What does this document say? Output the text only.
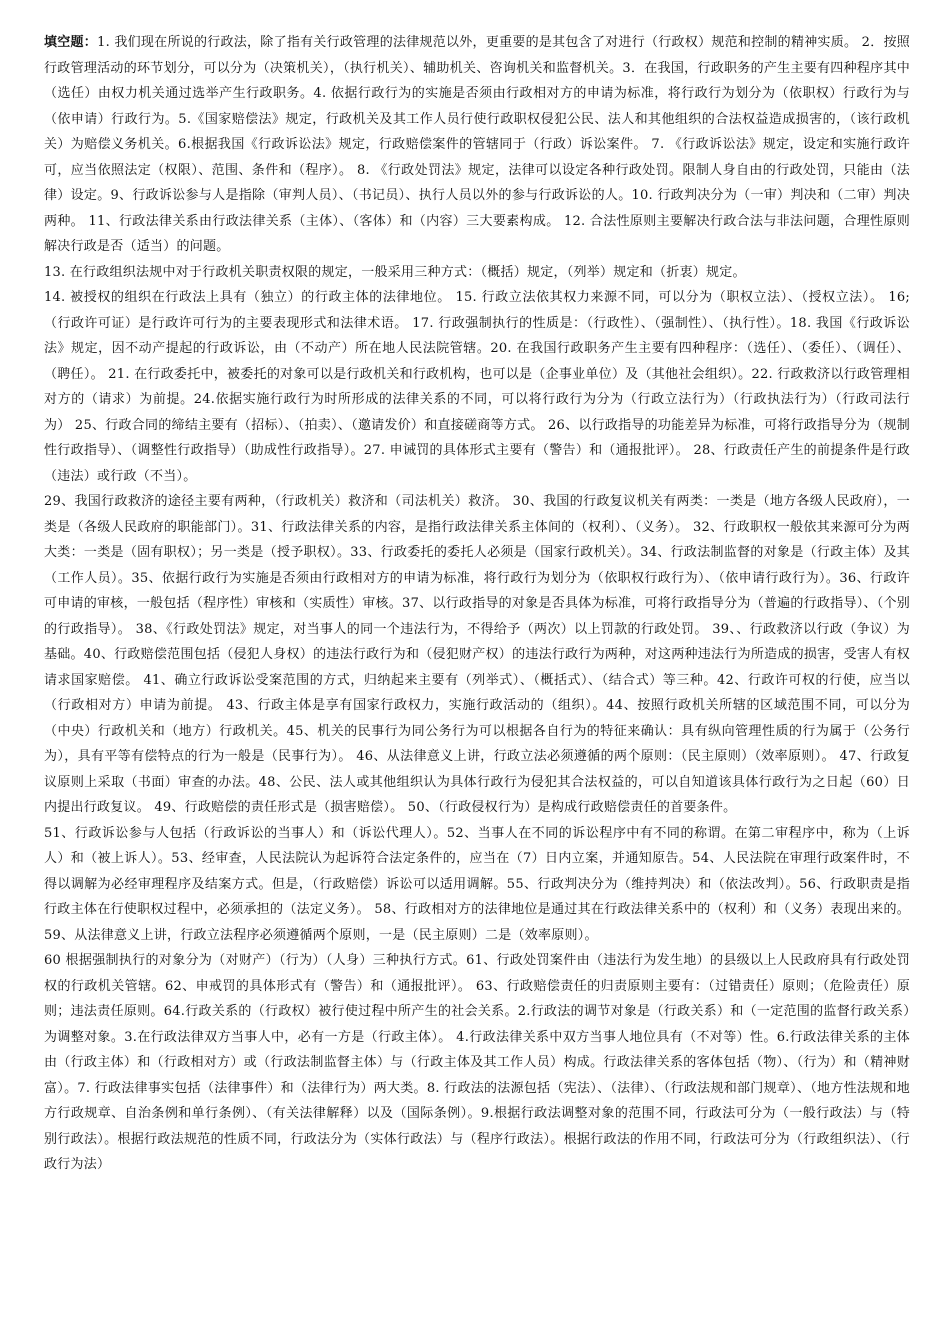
填空题：1. 我们现在所说的行政法，除了指有关行政管理的法律规范以外，更重要的是其包含了对进行（行政权）规范和控制的精神实质。 2．按照行政管理活动的环节划分，可以分为（决策机关），（执行机关）、辅助机关、咨询机关和监督机关。3．在我国，行政职务的产生主要有四种程序其中（选任）由权力机关通过选举产生行政职务。4. 依据行政行为的实施是否须由行政相对方的申请为标准，将行政行为划分为（依职权）行政行为与（依申请）行政行为。5.《国家赔偿法》规定，行政机关及其工作人员行使行政职权侵犯公民、法人和其他组织的合法权益造成损害的，（该行政机关）为赔偿义务机关。6.根据我国《行政诉讼法》规定，行政赔偿案件的管辖同于（行政）诉讼案件。 7. 《行政诉讼法》规定，设定和实施行政许可，应当依照法定（权限）、范围、条件和（程序）。 8. 《行政处罚法》规定，法律可以设定各种行政处罚。限制人身自由的行政处罚，只能由（法律）设定。9、行政诉讼参与人是指除（审判人员）、（书记员）、执行人员以外的参与行政诉讼的人。10. 行政判决分为（一审）判决和（二审）判决两种。 11、行政法律关系由行政法律关系（主体）、（客体）和（内容）三大要素构成。 12. 合法性原则主要解决行政合法与非法问题，合理性原则解决行政是否（适当）的问题。

13. 在行政组织法规中对于行政机关职责权限的规定，一般采用三种方式：（概括）规定，（列举）规定和（折衷）规定。

14. 被授权的组织在行政法上具有（独立）的行政主体的法律地位。 15. 行政立法依其权力来源不同，可以分为（职权立法）、（授权立法）。 16;（行政许可证）是行政许可行为的主要表现形式和法律术语。 17. 行政强制执行的性质是：（行政性）、（强制性）、（执行性）。18. 我国《行政诉讼法》规定，因不动产提起的行政诉讼，由（不动产）所在地人民法院管辖。20. 在我国行政职务产生主要有四种程序：（选任）、（委任）、（调任）、（聘任）。 21. 在行政委托中，被委托的对象可以是行政机关和行政机构，也可以是（企事业单位）及（其他社会组织）。22. 行政救济以行政管理相对方的（请求）为前提。24.依据实施行政行为时所形成的法律关系的不同，可以将行政行为分为（行政立法行为）（行政执法行为）（行政司法行为） 25、行政合同的缔结主要有（招标）、（拍卖）、（邀请发价）和直接磋商等方式。 26、以行政指导的功能差异为标准，可将行政指导分为（规制性行政指导）、（调整性行政指导）（助成性行政指导）。27. 申诫罚的具体形式主要有（警告）和（通报批评）。 28、行政责任产生的前提条件是行政（违法）或行政（不当）。

29、我国行政救济的途径主要有两种，（行政机关）救济和（司法机关）救济。 30、我国的行政复议机关有两类：一类是（地方各级人民政府），一类是（各级人民政府的职能部门）。31、行政法律关系的内容，是指行政法律关系主体间的（权利）、（义务）。 32、行政职权一般依其来源可分为两大类：一类是（固有职权）；另一类是（授予职权）。33、行政委托的委托人必须是（国家行政机关）。34、行政法制监督的对象是（行政主体）及其（工作人员）。35、依据行政行为实施是否须由行政相对方的申请为标准，将行政行为划分为（依职权行政行为）、（依申请行政行为）。36、行政许可申请的审核，一般包括（程序性）审核和（实质性）审核。37、以行政指导的对象是否具体为标准，可将行政指导分为（普遍的行政指导）、（个别的行政指导）。 38、《行政处罚法》规定，对当事人的同一个违法行为，不得给予（两次）以上罚款的行政处罚。 39、、行政救济以行政（争议）为基础。40、行政赔偿范围包括（侵犯人身权）的违法行政行为和（侵犯财产权）的违法行政行为两种，对这两种违法行为所造成的损害，受害人有权请求国家赔偿。 41、确立行政诉讼受案范围的方式，归纳起来主要有（列举式）、（概括式）、（结合式）等三种。42、行政许可权的行使，应当以（行政相对方）申请为前提。 43、行政主体是享有国家行政权力，实施行政活动的（组织）。44、按照行政机关所辖的区域范围不同，可以分为（中央）行政机关和（地方）行政机关。45、机关的民事行为同公务行为可以根据各自行为的特征来确认：具有纵向管理性质的行为属于（公务行为），具有平等有偿特点的行为一般是（民事行为）。 46、从法律意义上讲，行政立法必须遵循的两个原则：（民主原则）（效率原则）。 47、行政复议原则上采取（书面）审查的办法。48、公民、法人或其他组织认为具体行政行为侵犯其合法权益的，可以自知道该具体行政行为之日起（60）日内提出行政复议。 49、行政赔偿的责任形式是（损害赔偿）。 50、（行政侵权行为）是构成行政赔偿责任的首要条件。

51、行政诉讼参与人包括（行政诉讼的当事人）和（诉讼代理人）。52、当事人在不同的诉讼程序中有不同的称谓。在第二审程序中，称为（上诉人）和（被上诉人）。53、经审查，人民法院认为起诉符合法定条件的，应当在（7）日内立案，并通知原告。54、人民法院在审理行政案件时，不得以调解为必经审理程序及结案方式。但是，（行政赔偿）诉讼可以适用调解。55、行政判决分为（维持判决）和（依法改判）。56、行政职责是指行政主体在行使职权过程中，必须承担的（法定义务）。 58、行政相对方的法律地位是通过其在行政法律关系中的（权利）和（义务）表现出来的。59、从法律意义上讲，行政立法程序必须遵循两个原则，一是（民主原则）二是（效率原则）。

60 根据强制执行的对象分为（对财产）（行为）（人身）三种执行方式。61、行政处罚案件由（违法行为发生地）的县级以上人民政府具有行政处罚权的行政机关管辖。62、申戒罚的具体形式有（警告）和（通报批评）。 63、行政赔偿责任的归责原则主要有：（过错责任）原则；（危险责任）原则；违法责任原则。64.行政关系的（行政权）被行使过程中所产生的社会关系。2.行政法的调节对象是（行政关系）和（一定范围的监督行政关系）为调整对象。3.在行政法律双方当事人中，必有一方是（行政主体）。 4.行政法律关系中双方当事人地位具有（不对等）性。6.行政法律关系的主体由（行政主体）和（行政相对方）或（行政法制监督主体）与（行政主体及其工作人员）构成。行政法律关系的客体包括（物）、（行为）和（精神财富）。7. 行政法律事实包括（法律事件）和（法律行为）两大类。8. 行政法的法源包括（宪法）、（法律）、（行政法规和部门规章）、（地方性法规和地方行政规章、自治条例和单行条例）、（有关法律解释）以及（国际条例）。9.根据行政法调整对象的范围不同，行政法可分为（一般行政法）与（特别行政法）。根据行政法规范的性质不同，行政法分为（实体行政法）与（程序行政法）。根据行政法的作用不同，行政法可分为（行政组织法）、（行政行为法）
